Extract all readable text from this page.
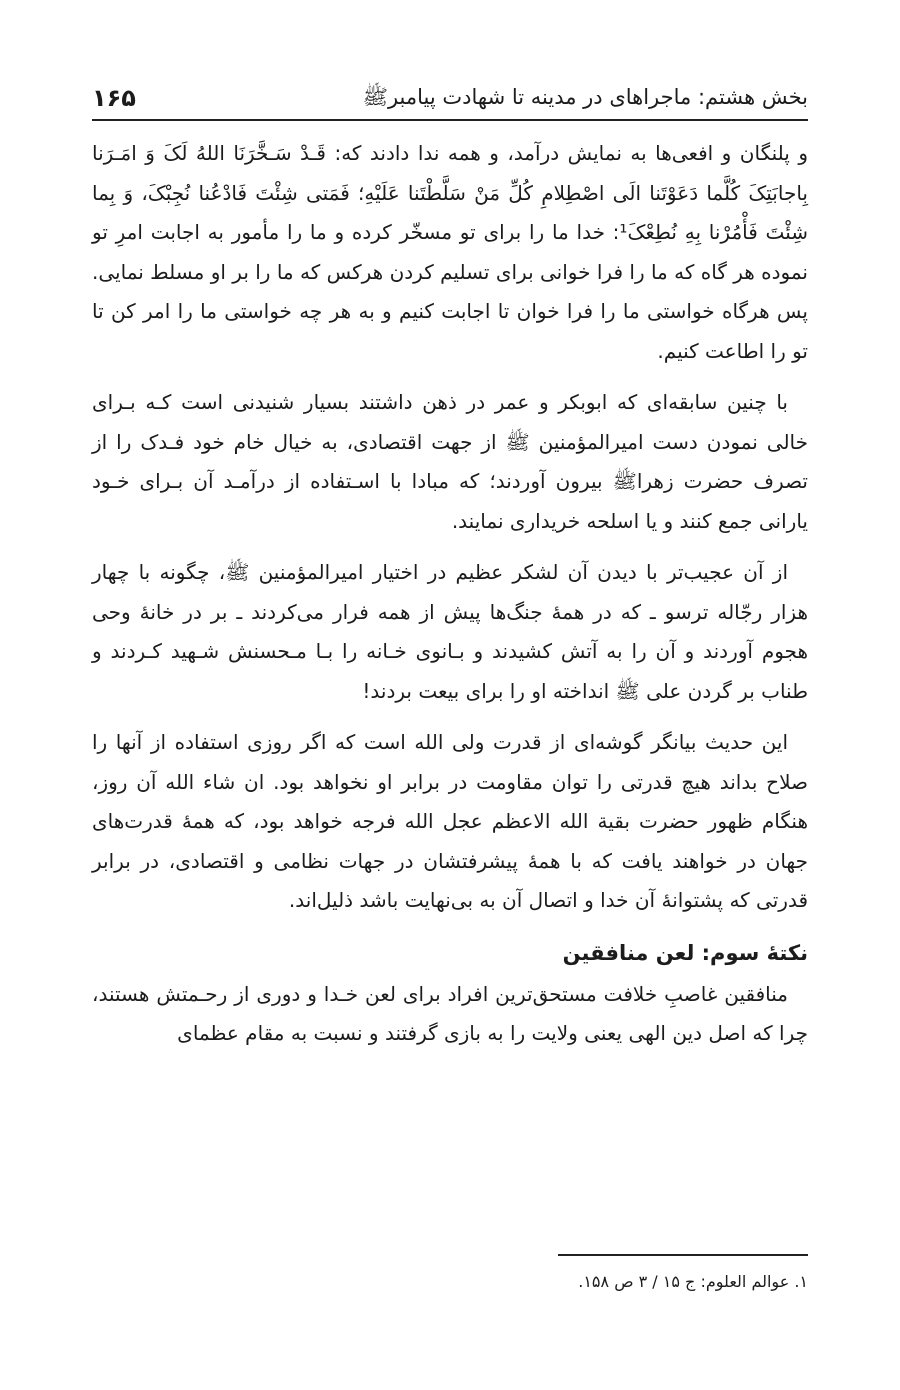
بخش هشتم: ماجراهای در مدینه تا شهادت پیامبرﷺ
۱۶۵

و پلنگان و افعی‌ها به نمایش درآمد، و همه ندا دادند که: قَـدْ سَـخَّرَنَا اللهُ لَکَ وَ امَـرَنا بِاجابَتِکَ کُلَّما دَعَوْتَنا الَی اصْطِلامِ کُلِّ مَنْ سَلَّطْتَنا عَلَیْهِ؛ فَمَتی شِئْتَ فَادْعُنا نُجِبْکَ، وَ بِما شِئْتَ فَأْمُرْنا بِهِ نُطِعْکَ¹: خدا ما را برای تو مسخّر کرده و ما را مأمور به اجابت امرِ تو نموده هر گاه که ما را فرا خوانی برای تسلیم کردن هرکس که ما را بر او مسلط نمایی. پس هرگاه خواستی ما را فرا خوان تا اجابت کنیم و به هر چه خواستی ما را امر کن تا تو را اطاعت کنیم.

با چنین سابقه‌ای که ابوبکر و عمر در ذهن داشتند بسیار شنیدنی است کـه بـرای خالی نمودن دست امیرالمؤمنین ﷺ از جهت اقتصادی، به خیال خام خود فـدک را از تصرف حضرت زهراﷺ بیرون آوردند؛ که مبادا با اسـتفاده از درآمـد آن بـرای خـود یارانی جمع کنند و یا اسلحه خریداری نمایند.

از آن عجیب‌تر با دیدن آن لشکر عظیم در اختیار امیرالمؤمنین ﷺ، چگونه با چهار هزار رجّاله ترسو ـ که در همهٔ جنگ‌ها پیش از همه فرار می‌کردند ـ بر در خانهٔ وحی هجوم آوردند و آن را به آتش کشیدند و بـانوی خـانه را بـا مـحسنش شـهید کـردند و طناب بر گردن علی ﷺ انداخته او را برای بیعت بردند!

این حدیث بیانگر گوشه‌ای از قدرت ولی الله است که اگر روزی استفاده از آنها را صلاح بداند هیچ قدرتی را توان مقاومت در برابر او نخواهد بود. ان شاء الله آن روز، هنگام ظهور حضرت بقیة الله الاعظم عجل الله فرجه خواهد بود، که همهٔ قدرت‌های جهان در خواهند یافت که با همهٔ پیشرفتشان در جهات نظامی و اقتصادی، در برابر قدرتی که پشتوانهٔ آن خدا و اتصال آن به بی‌نهایت باشد ذلیل‌اند.

نکتهٔ سوم: لعن منافقین

منافقین غاصبِ خلافت مستحق‌ترین افراد برای لعن خـدا و دوری از رحـمتش هستند، چرا که اصل دین الهی یعنی ولایت را به بازی گرفتند و نسبت به مقام عظمای

۱. عوالم العلوم: ج ۱۵ / ۳ ص ۱۵۸.
